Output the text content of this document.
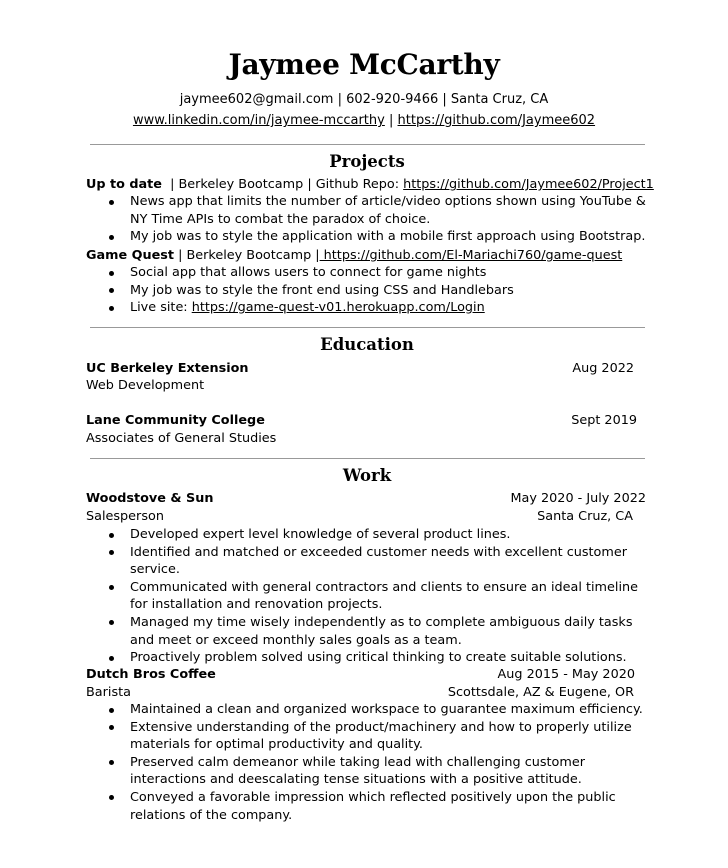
Jaymee McCarthy
jaymee602@gmail.com | 602-920-9466 | Santa Cruz, CA
www.linkedin.com/in/jaymee-mccarthy | https://github.com/Jaymee602
Projects
Up to date | Berkeley Bootcamp | Github Repo: https://github.com/Jaymee602/Project1
News app that limits the number of article/video options shown using YouTube & NY Time APIs to combat the paradox of choice.
My job was to style the application with a mobile first approach using Bootstrap.
Game Quest | Berkeley Bootcamp | https://github.com/El-Mariachi760/game-quest
Social app that allows users to connect for game nights
My job was to style the front end using CSS and Handlebars
Live site: https://game-quest-v01.herokuapp.com/Login
Education
UC Berkeley Extension	Aug 2022
Web Development
Lane Community College	Sept 2019
Associates of General Studies
Work
Woodstove & Sun	May 2020 - July 2022
Salesperson	Santa Cruz, CA
Developed expert level knowledge of several product lines.
Identified and matched or exceeded customer needs with excellent customer service.
Communicated with general contractors and clients to ensure an ideal timeline for installation and renovation projects.
Managed my time wisely independently as to complete ambiguous daily tasks and meet or exceed monthly sales goals as a team.
Proactively problem solved using critical thinking to create suitable solutions.
Dutch Bros Coffee	Aug 2015 - May 2020
Barista	Scottsdale, AZ & Eugene, OR
Maintained a clean and organized workspace to guarantee maximum efficiency.
Extensive understanding of the product/machinery and how to properly utilize materials for optimal productivity and quality.
Preserved calm demeanor while taking lead with challenging customer interactions and deescalating tense situations with a positive attitude.
Conveyed a favorable impression which reflected positively upon the public relations of the company.
